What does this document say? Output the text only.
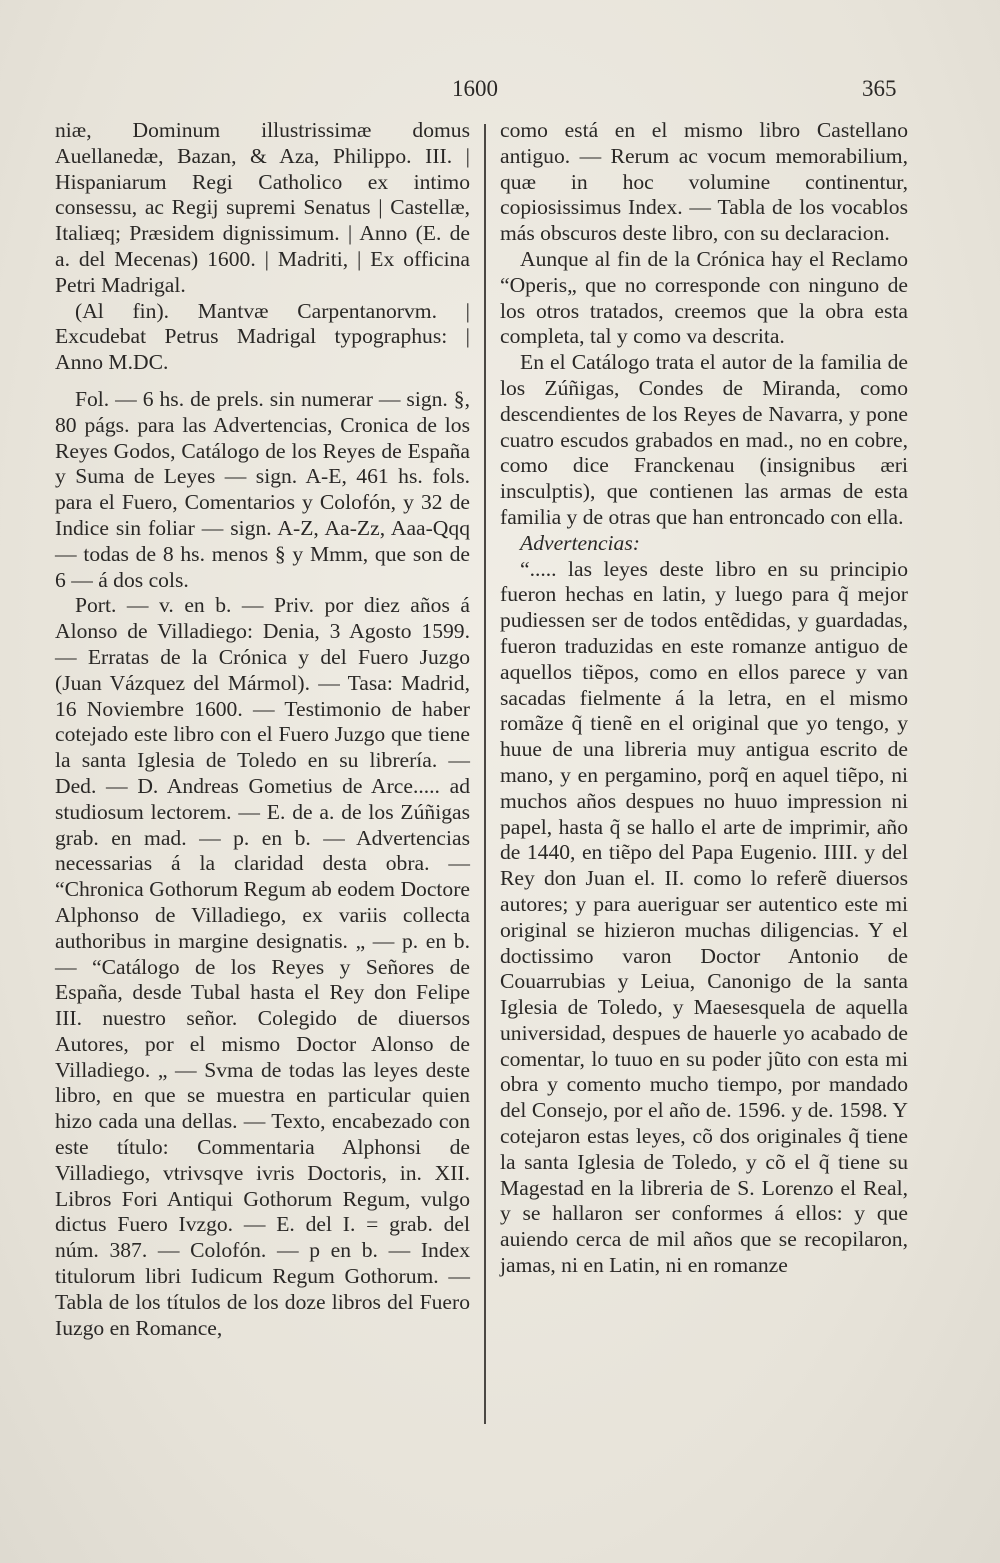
1600	365

niæ, Dominum illustrissimæ domus Auellanedæ, Bazan, & Aza, Philippo. III. | Hispaniarum Regi Catholico ex intimo consessu, ac Regij supremi Senatus | Castellæ, Italiæq; Præsidem dignissimum. | Anno (E. de a. del Mecenas) 1600. | Madriti, | Ex officina Petri Madrigal.

(Al fin). Mantvæ Carpentanorvm. | Excudebat Petrus Madrigal typographus: | Anno M.DC.

Fol. — 6 hs. de prels. sin numerar — sign. §, 80 págs. para las Advertencias, Cronica de los Reyes Godos, Catálogo de los Reyes de España y Suma de Leyes — sign. A-E, 461 hs. fols. para el Fuero, Comentarios y Colofón, y 32 de Indice sin foliar — sign. A-Z, Aa-Zz, Aaa-Qqq — todas de 8 hs. menos § y Mmm, que son de 6 — á dos cols.

Port. — v. en b. — Priv. por diez años á Alonso de Villadiego: Denia, 3 Agosto 1599. — Erratas de la Crónica y del Fuero Juzgo (Juan Vázquez del Mármol). — Tasa: Madrid, 16 Noviembre 1600. — Testimonio de haber cotejado este libro con el Fuero Juzgo que tiene la santa Iglesia de Toledo en su librería. — Ded. — D. Andreas Gometius de Arce..... ad studiosum lectorem. — E. de a. de los Zúñigas grab. en mad. — p. en b. — Advertencias necessarias á la claridad desta obra. — “Chronica Gothorum Regum ab eodem Doctore Alphonso de Villadiego, ex variis collecta authoribus in margine designatis. „ — p. en b. — “Catálogo de los Reyes y Señores de España, desde Tubal hasta el Rey don Felipe III. nuestro señor. Colegido de diuersos Autores, por el mismo Doctor Alonso de Villadiego. „ — Svma de todas las leyes deste libro, en que se muestra en particular quien hizo cada una dellas. — Texto, encabezado con este título: Commentaria Alphonsi de Villadiego, vtrivsqve ivris Doctoris, in. XII. Libros Fori Antiqui Gothorum Regum, vulgo dictus Fuero Ivzgo. — E. del I. = grab. del núm. 387. — Colofón. — p en b. — Index titulorum libri Iudicum Regum Gothorum. — Tabla de los títulos de los doze libros del Fuero Iuzgo en Romance,

como está en el mismo libro Castellano antiguo. — Rerum ac vocum memorabilium, quæ in hoc volumine continentur, copiosissimus Index. — Tabla de los vocablos más obscuros deste libro, con su declaracion.

Aunque al fin de la Crónica hay el Reclamo “Operis„ que no corresponde con ninguno de los otros tratados, creemos que la obra esta completa, tal y como va descrita.

En el Catálogo trata el autor de la familia de los Zúñigas, Condes de Miranda, como descendientes de los Reyes de Navarra, y pone cuatro escudos grabados en mad., no en cobre, como dice Franckenau (insignibus æri insculptis), que contienen las armas de esta familia y de otras que han entroncado con ella.

Advertencias:

“..... las leyes deste libro en su principio fueron hechas en latin, y luego para q̃ mejor pudiessen ser de todos entẽdidas, y guardadas, fueron traduzidas en este romanze antiguo de aquellos tiẽpos, como en ellos parece y van sacadas fielmente á la letra, en el mismo romãze q̃ tienẽ en el original que yo tengo, y huue de una libreria muy antigua escrito de mano, y en pergamino, porq̃ en aquel tiẽpo, ni muchos años despues no huuo impression ni papel, hasta q̃ se hallo el arte de imprimir, año de 1440, en tiẽpo del Papa Eugenio. IIII. y del Rey don Juan el. II. como lo referẽ diuersos autores; y para aueriguar ser autentico este mi original se hizieron muchas diligencias. Y el doctissimo varon Doctor Antonio de Couarrubias y Leiua, Canonigo de la santa Iglesia de Toledo, y Maesesquela de aquella universidad, despues de hauerle yo acabado de comentar, lo tuuo en su poder jũto con esta mi obra y comento mucho tiempo, por mandado del Consejo, por el año de. 1596. y de. 1598. Y cotejaron estas leyes, cõ dos originales q̃ tiene la santa Iglesia de Toledo, y cõ el q̃ tiene su Magestad en la libreria de S. Lorenzo el Real, y se hallaron ser conformes á ellos: y que auiendo cerca de mil años que se recopilaron, jamas, ni en Latin, ni en romanze
